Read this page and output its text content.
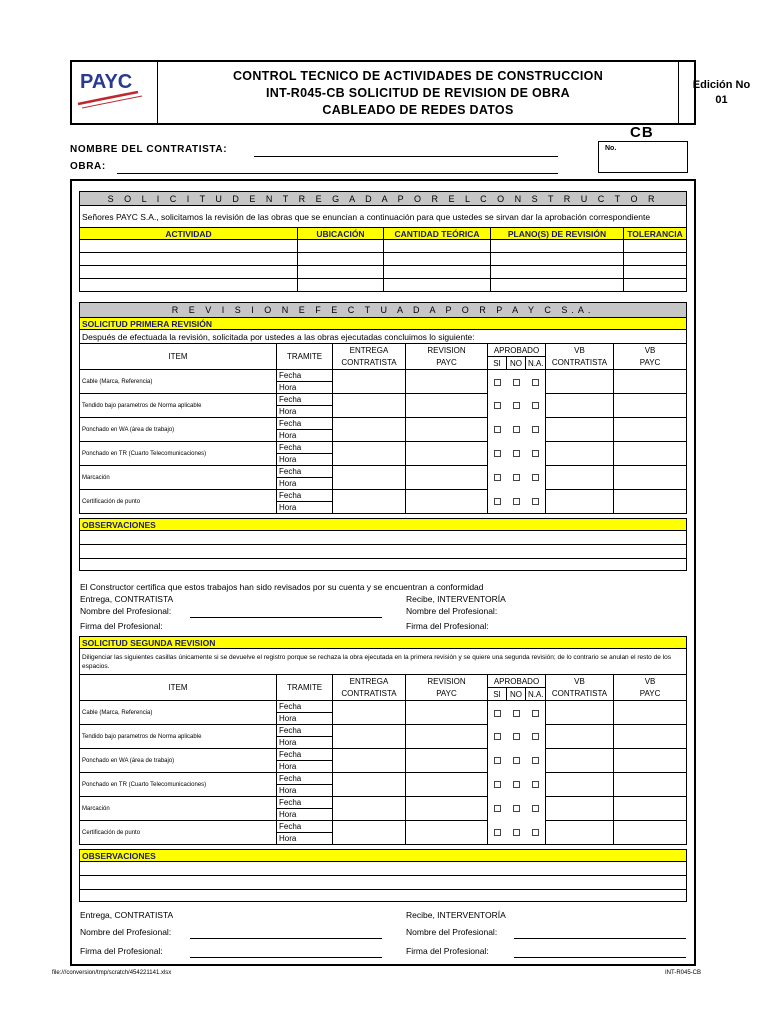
PAYC	CONTROL TECNICO DE ACTIVIDADES DE CONSTRUCCION
INT-R045-CB SOLICITUD DE REVISION DE OBRA
CABLEADO DE REDES DATOS
Edición No
01
CB
No.
NOMBRE DEL CONTRATISTA:
OBRA:
S O L I C I T U D E N T R E G A D A P O R E L C O N S T R U C T O R				
Señores PAYC S.A., solicitamos la revisión de las obras que se enuncian a continuación para que ustedes se sirvan dar la aprobación correspondiente				
ACTIVIDAD	UBICACIÓN	CANTIDAD TEÓRICA	PLANO(S) DE REVISIÓN	TOLERANCIA

R E V I S I O N E F E C T U A D A P O R P A Y C S.A.								
SOLICITUD PRIMERA REVISIÓN								
Después de efectuada la revisión, solicitada por ustedes a las obras ejecutadas concluimos lo siguiente:								
ITEM	TRAMITE	ENTREGA	REVISION	APROBADO			VB	VB
		CONTRATISTA	PAYC	SI	NO	N.A.	CONTRATISTA	PAYC
Cable (Marca, Referencia)	Fecha							
	Hora							
Tendido bajo parametros de Norma aplicable	Fecha							
	Hora							
Ponchado en WA (área de trabajo)	Fecha							
	Hora							
Ponchado en TR (Cuarto Telecomunicaciones)	Fecha							
	Hora							
Marcación	Fecha							
	Hora							
Certificación de punto	Fecha							
	Hora							

OBSERVACIONES								

El Constructor certifica que estos trabajos han sido revisados por su cuenta y se encuentran a conformidad
Entrega, CONTRATISTA	Recibe, INTERVENTORÍA
Nombre del Profesional:	Nombre del Profesional:
Firma del Profesional:	Firma del Profesional:
SOLICITUD SEGUNDA REVISION								
Diligenciar las siguientes casillas únicamente si se devuelve el registro porque se rechaza la obra ejecutada en la primera revisión y se quiere una segunda revisión; de lo contrario se anulan el resto de los espacios.								
ITEM	TRAMITE	ENTREGA	REVISION	APROBADO			VB	VB
		CONTRATISTA	PAYC	SI	NO	N.A.	CONTRATISTA	PAYC
Cable (Marca, Referencia)	Fecha							
	Hora							
Tendido bajo parametros de Norma aplicable	Fecha							
	Hora							
Ponchado en WA (área de trabajo)	Fecha							
	Hora							
Ponchado en TR (Cuarto Telecomunicaciones)	Fecha							
	Hora							
Marcación	Fecha							
	Hora							
Certificación de punto	Fecha							
	Hora							

OBSERVACIONES								

Entrega, CONTRATISTA	Recibe, INTERVENTORÍA
Nombre del Profesional:	Nombre del Profesional:
Firma del Profesional:	Firma del Profesional:
file:///conversion/tmp/scratch/454221141.xlsx	INT-R045-CB
